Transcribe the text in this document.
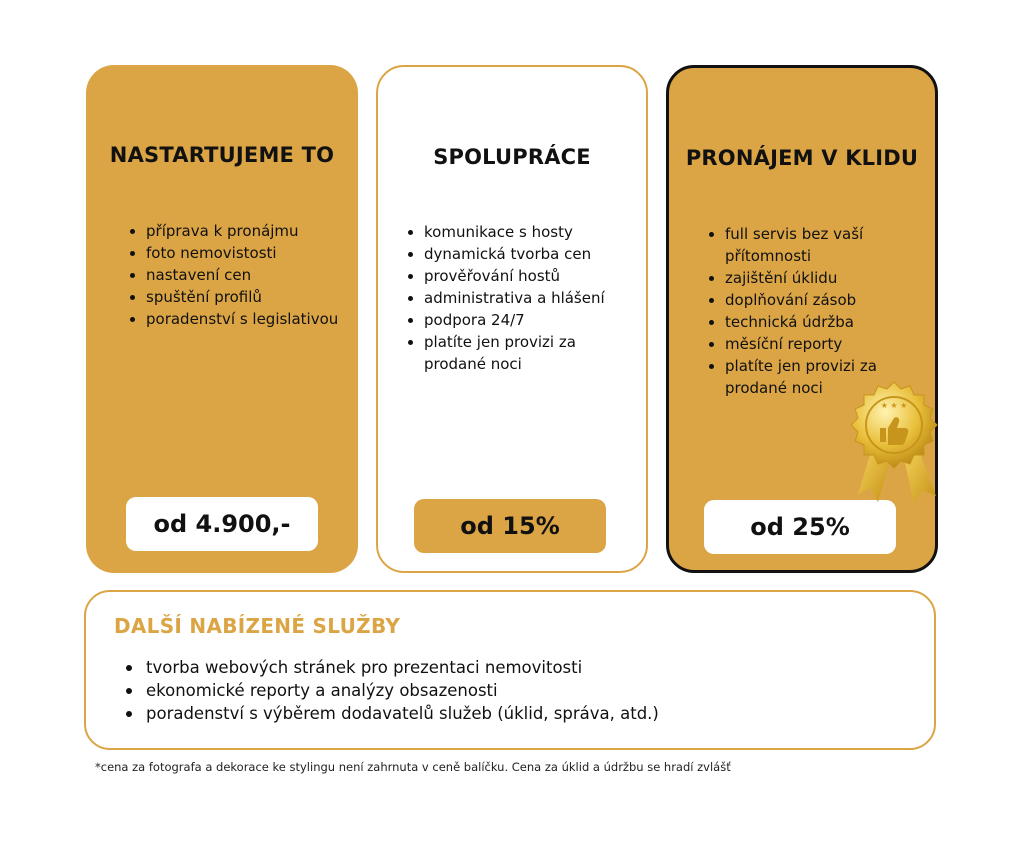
NASTARTUJEME TO
příprava k pronájmu
foto nemovistosti
nastavení cen
spuštění profilů
poradenství s legislativou
od 4.900,-
SPOLUPRÁCE
komunikace s hosty
dynamická tvorba cen
prověřování hostů
administrativa a hlášení
podpora 24/7
platíte jen provizi za prodané noci
od 15%
PRONÁJEM V KLIDU
full servis bez vaší přítomnosti
zajištění úklidu
doplňování zásob
technická údržba
měsíční reporty
platíte jen provizi za prodané noci
od 25%
★ ★ ★
DALŠÍ NABÍZENÉ SLUŽBY
tvorba webových stránek pro prezentaci nemovitosti
ekonomické reporty a analýzy obsazenosti
poradenství s výběrem dodavatelů služeb (úklid, správa, atd.)
*cena za fotografa a dekorace ke stylingu není zahrnuta v ceně balíčku. Cena za úklid a údržbu se hradí zvlášť
